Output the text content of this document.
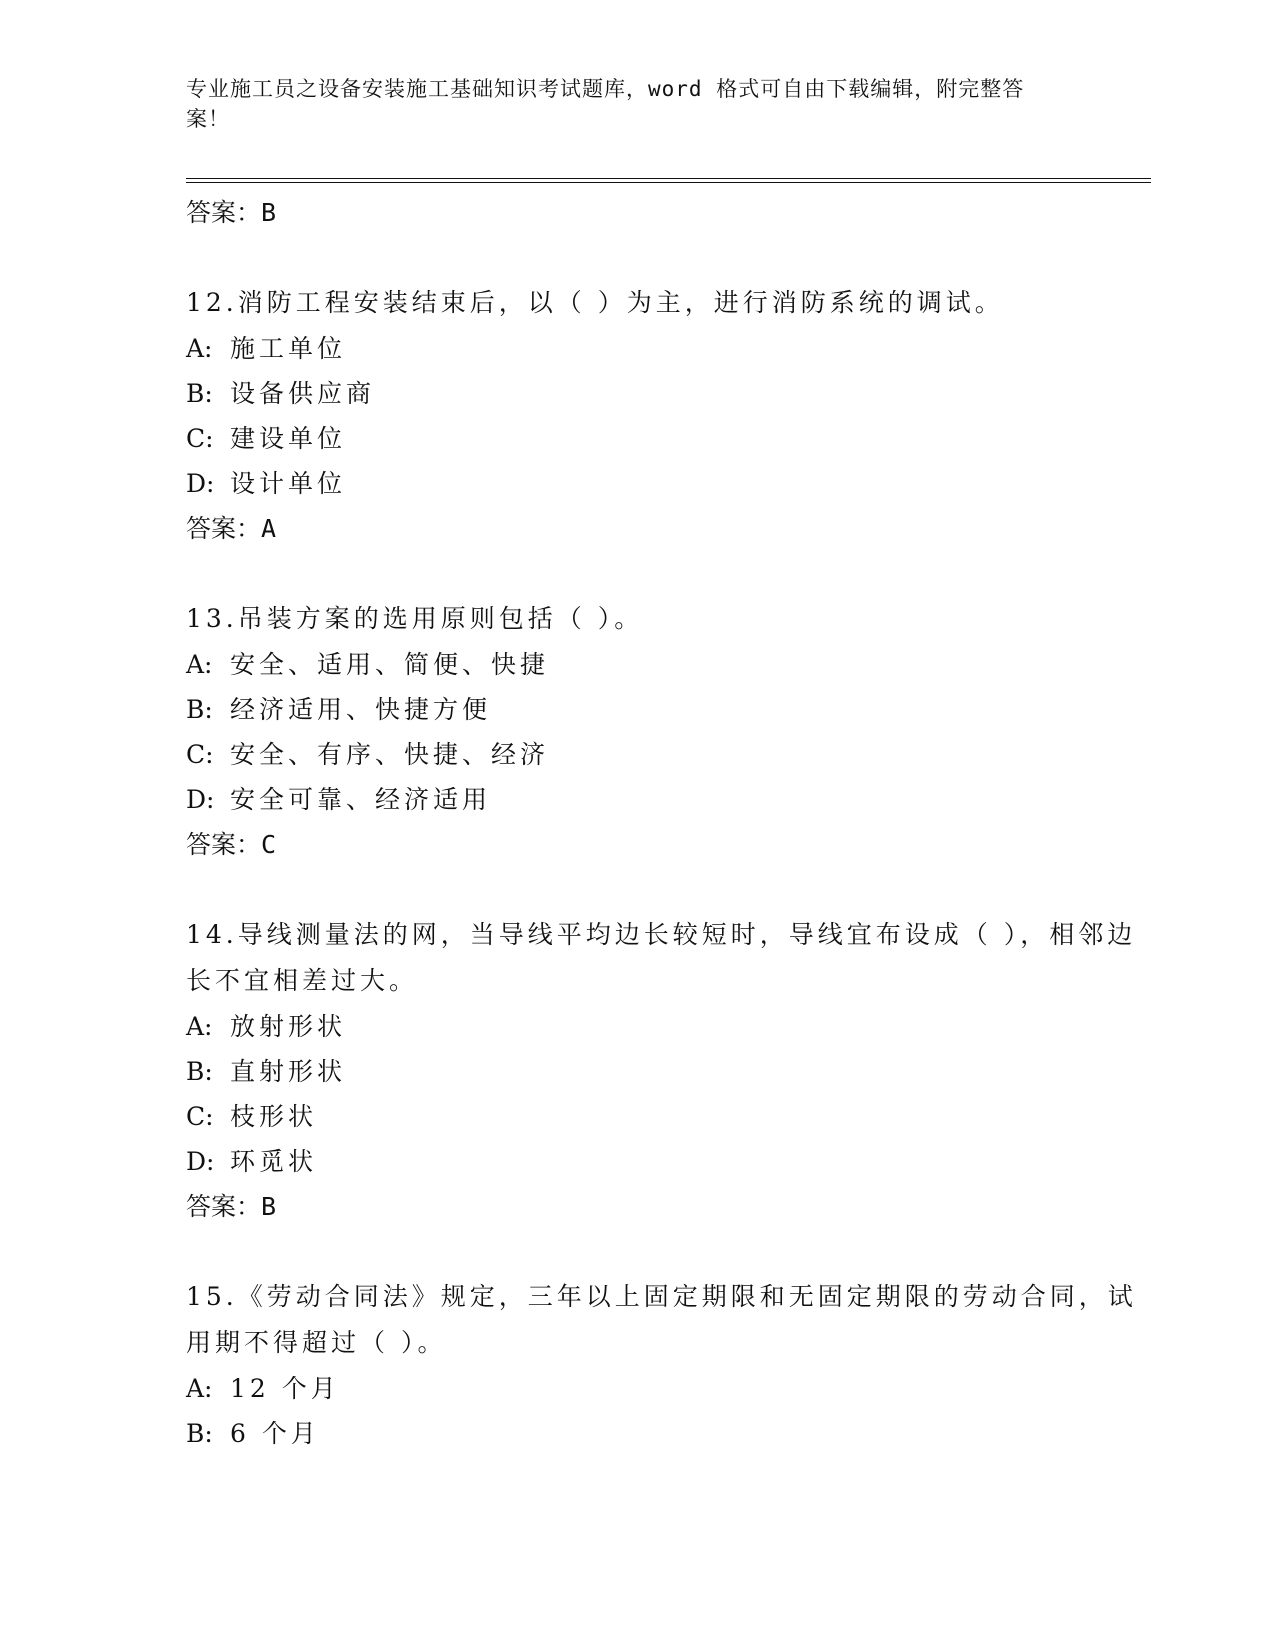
专业施工员之设备安装施工基础知识考试题库，word 格式可自由下载编辑，附完整答案！
答案：B
12.消防工程安装结束后，以（ ）为主，进行消防系统的调试。
A: 施工单位
B: 设备供应商
C: 建设单位
D: 设计单位
答案：A
13.吊装方案的选用原则包括（ ）。
A: 安全、适用、简便、快捷
B: 经济适用、快捷方便
C: 安全、有序、快捷、经济
D: 安全可靠、经济适用
答案：C
14.导线测量法的网，当导线平均边长较短时，导线宜布设成（ ），相邻边长不宜相差过大。
A: 放射形状
B: 直射形状
C: 枝形状
D: 环觅状
答案：B
15.《劳动合同法》规定，三年以上固定期限和无固定期限的劳动合同，试用期不得超过（ ）。
A: 12 个月
B: 6 个月
